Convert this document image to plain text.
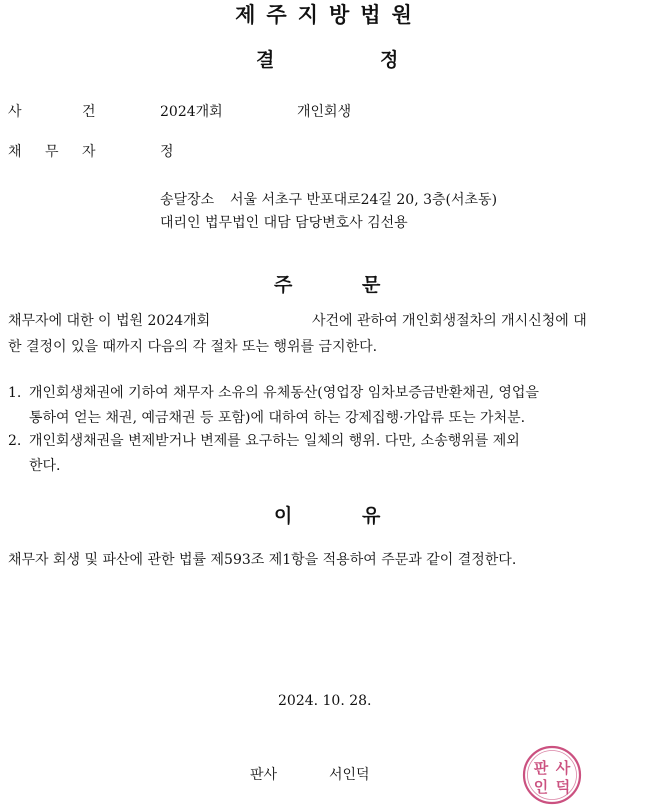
제주지방법원
결	정
사	건	2024개회	개인회생
채 무 자	정
송달장소 서울 서초구 반포대로24길 20, 3층(서초동)
대리인 법무법인 대담 담당변호사 김선용
주	문
채무자에 대한 이 법원 2024개회	사건에 관하여 개인회생절차의 개시신청에 대
한 결정이 있을 때까지 다음의 각 절차 또는 행위를 금지한다.
1. 개인회생채권에 기하여 채무자 소유의 유체동산(영업장 임차보증금반환채권, 영업을
통하여 얻는 채권, 예금채권 등 포함)에 대하여 하는 강제집행·가압류 또는 가처분.
2. 개인회생채권을 변제받거나 변제를 요구하는 일체의 행위. 다만, 소송행위를 제외
한다.
이	유
채무자 회생 및 파산에 관한 법률 제593조 제1항을 적용하여 주문과 같이 결정한다.
2024. 10. 28.
판사	서인덕	판 사
인 덕
